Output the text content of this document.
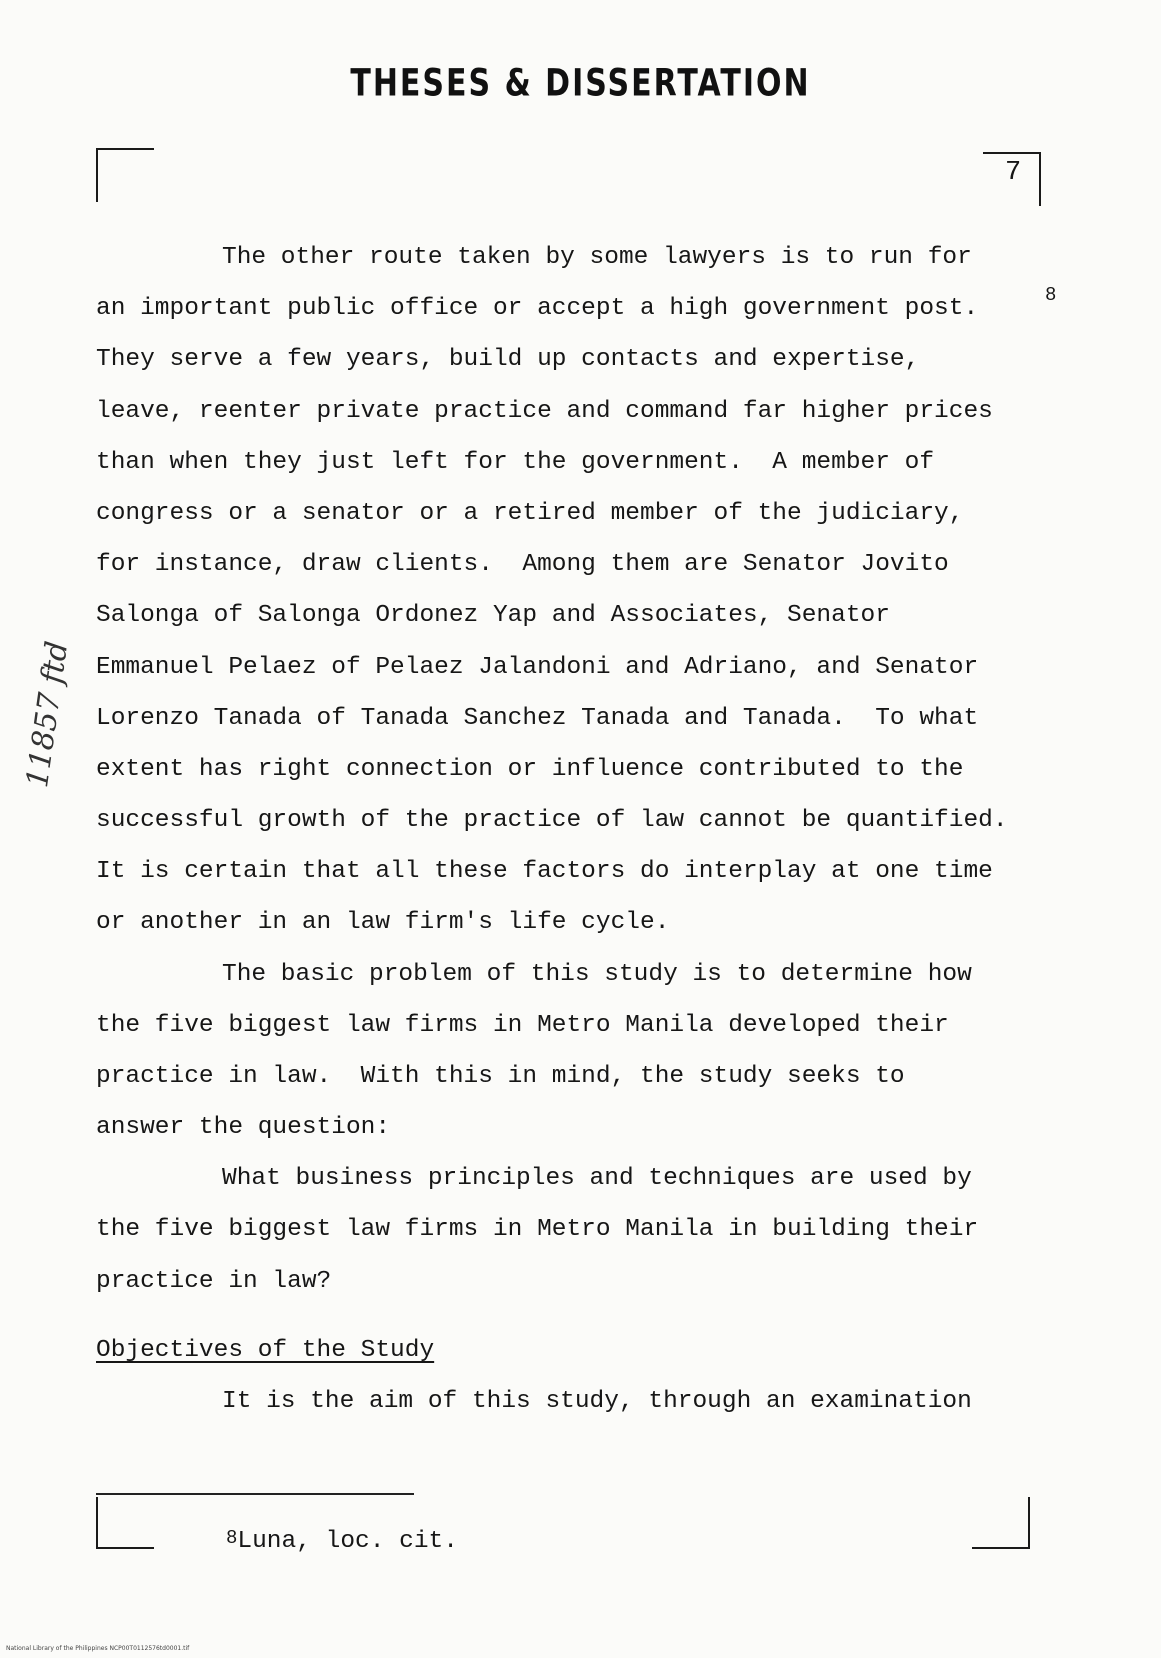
THESES & DISSERTATION
7
The other route taken by some lawyers is to run for
an important public office or accept a high government post.	8
They serve a few years, build up contacts and expertise,
leave, reenter private practice and command far higher prices
than when they just left for the government.  A member of
congress or a senator or a retired member of the judiciary,
for instance, draw clients.  Among them are Senator Jovito
Salonga of Salonga Ordonez Yap and Associates, Senator
Emmanuel Pelaez of Pelaez Jalandoni and Adriano, and Senator
Lorenzo Tanada of Tanada Sanchez Tanada and Tanada.  To what
extent has right connection or influence contributed to the
successful growth of the practice of law cannot be quantified.
It is certain that all these factors do interplay at one time
or another in an law firm's life cycle.
The basic problem of this study is to determine how
the five biggest law firms in Metro Manila developed their
practice in law.  With this in mind, the study seeks to
answer the question:
What business principles and techniques are used by
the five biggest law firms in Metro Manila in building their
practice in law?
Objectives of the Study
It is the aim of this study, through an examination
$^8$Luna, loc. cit.
11857 ftd
National Library of the Philippines NCP00T0112576td0001.tif
